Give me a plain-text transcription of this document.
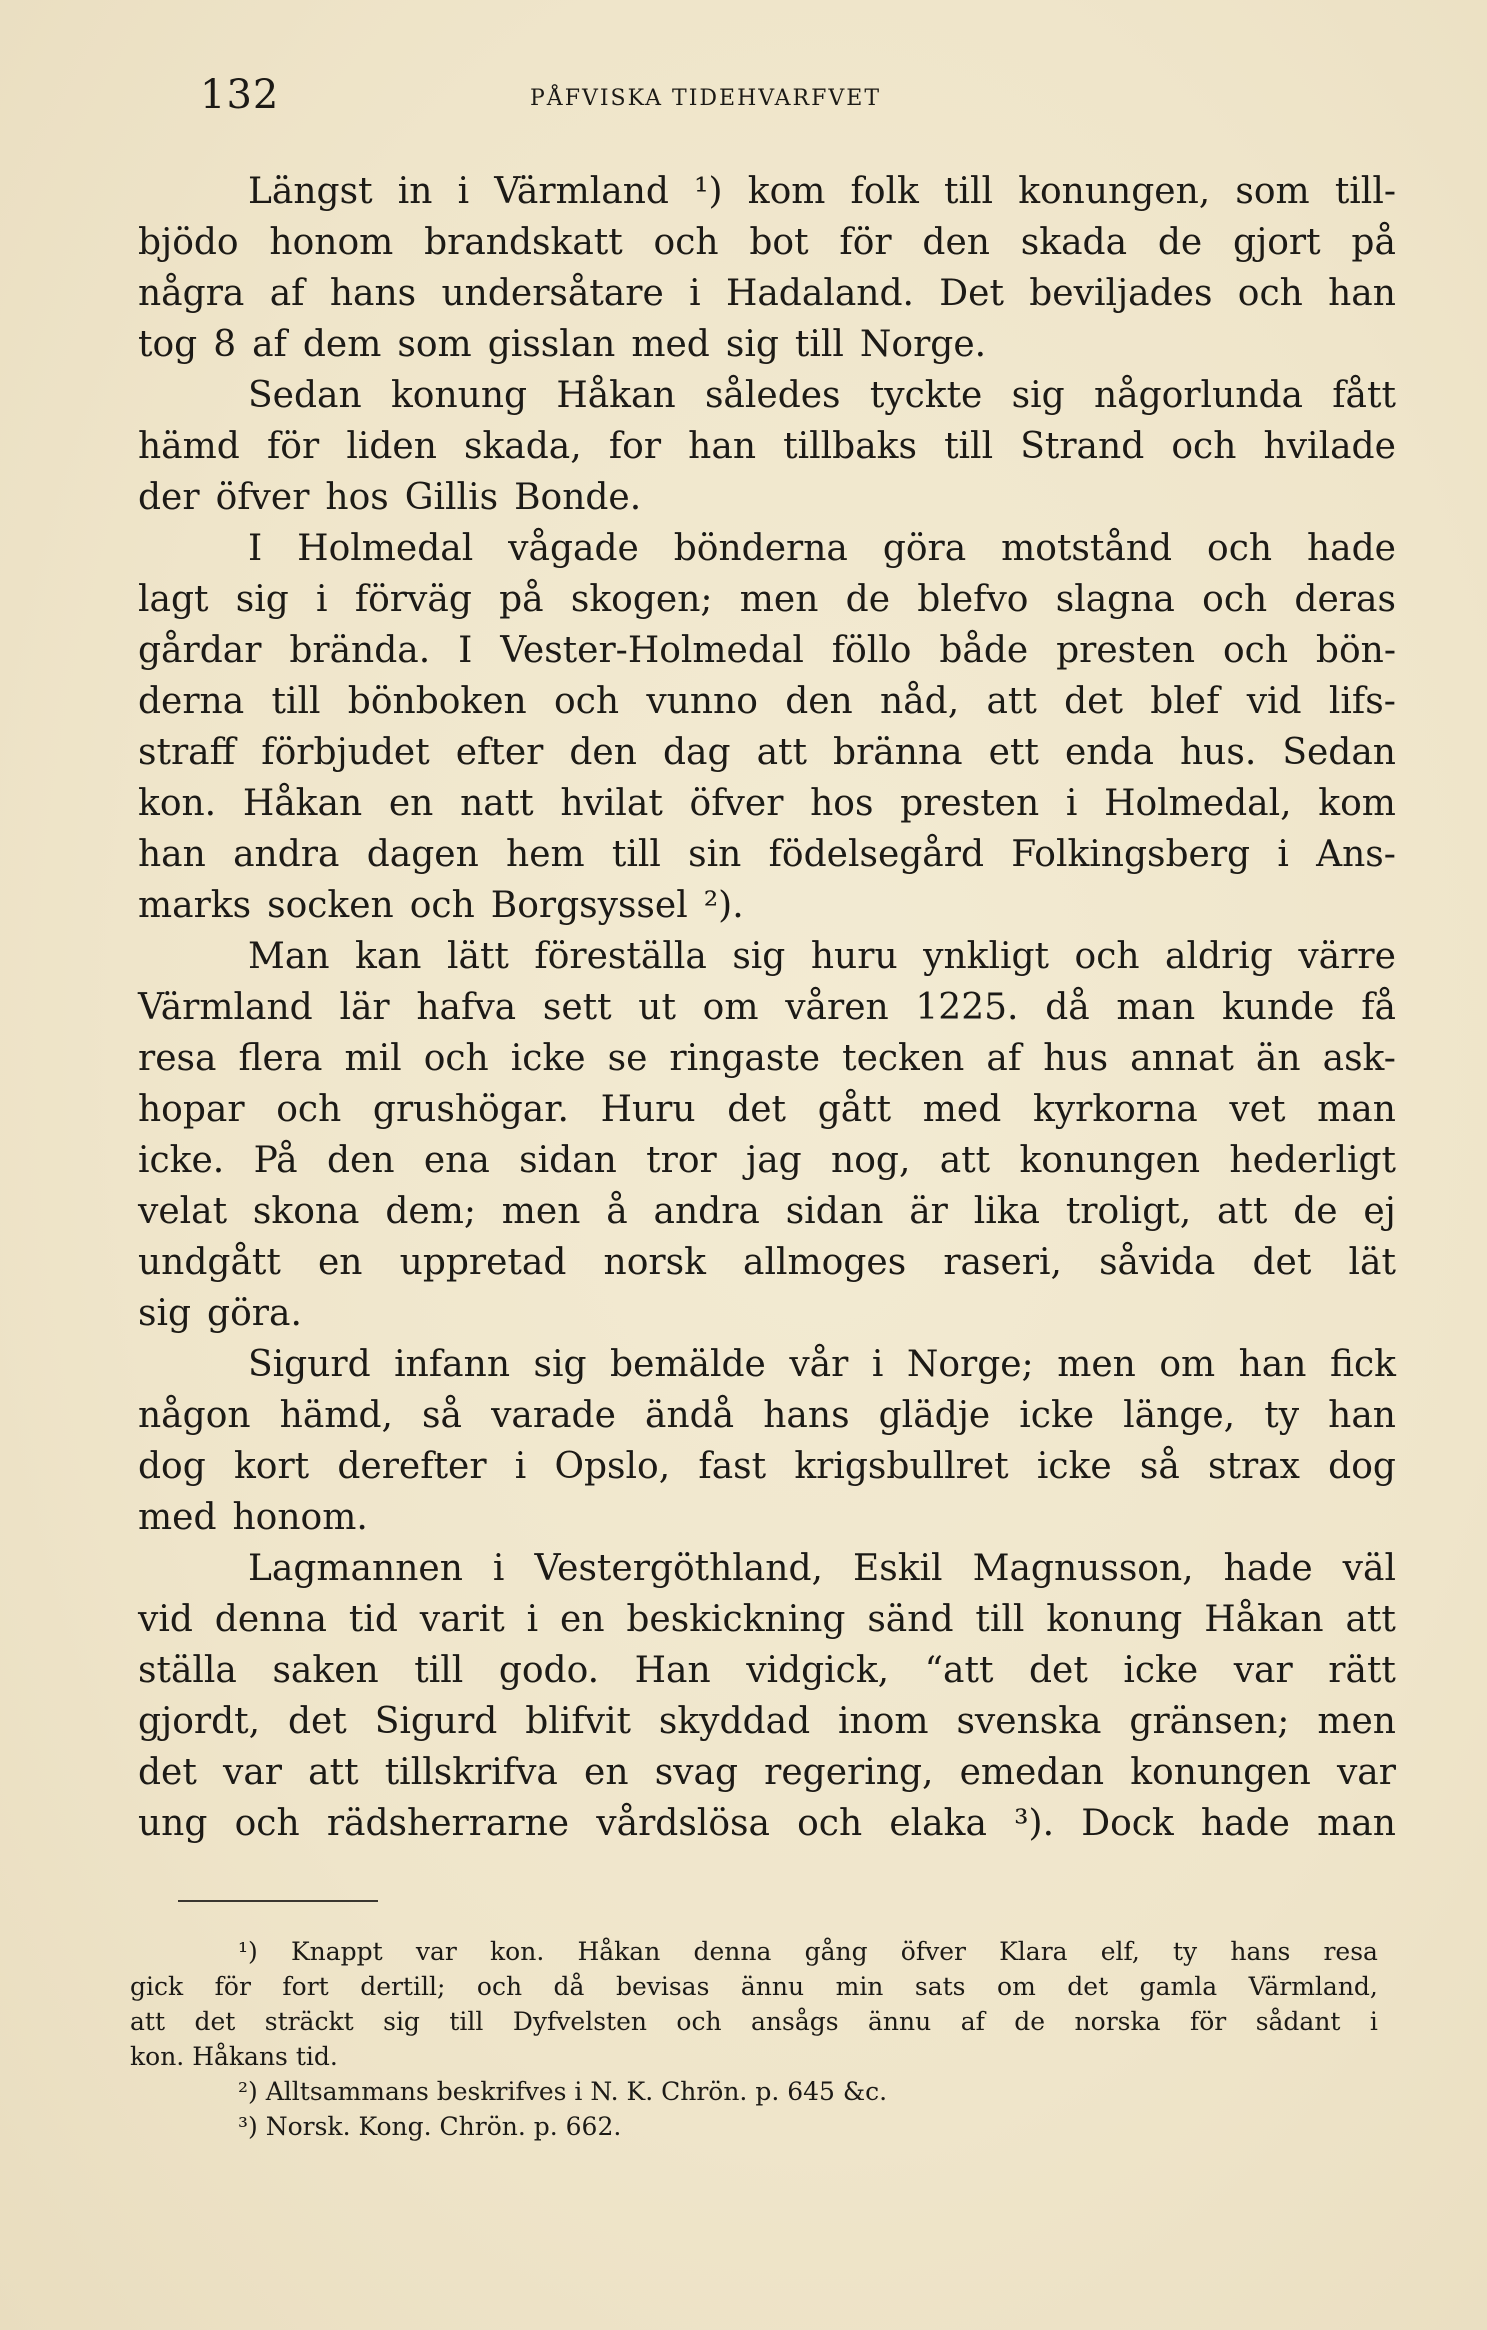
132	PÅFVISKA TIDEHVARFVET
Längst in i Värmland ¹) kom folk till konungen, som till-
bjödo honom brandskatt och bot för den skada de gjort på
några af hans undersåtare i Hadaland. Det beviljades och han
tog 8 af dem som gisslan med sig till Norge.
Sedan konung Håkan således tyckte sig någorlunda fått
hämd för liden skada, for han tillbaks till Strand och hvilade
der öfver hos Gillis Bonde.
I Holmedal vågade bönderna göra motstånd och hade
lagt sig i förväg på skogen; men de blefvo slagna och deras
gårdar brända. I Vester-Holmedal föllo både presten och bön-
derna till bönboken och vunno den nåd, att det blef vid lifs-
straff förbjudet efter den dag att bränna ett enda hus. Sedan
kon. Håkan en natt hvilat öfver hos presten i Holmedal, kom
han andra dagen hem till sin födelsegård Folkingsberg i Ans-
marks socken och Borgsyssel ²).
Man kan lätt föreställa sig huru ynkligt och aldrig värre
Värmland lär hafva sett ut om våren 1225. då man kunde få
resa flera mil och icke se ringaste tecken af hus annat än ask-
hopar och grushögar. Huru det gått med kyrkorna vet man
icke. På den ena sidan tror jag nog, att konungen hederligt
velat skona dem; men å andra sidan är lika troligt, att de ej
undgått en uppretad norsk allmoges raseri, såvida det lät
sig göra.
Sigurd infann sig bemälde vår i Norge; men om han fick
någon hämd, så varade ändå hans glädje icke länge, ty han
dog kort derefter i Opslo, fast krigsbullret icke så strax dog
med honom.
Lagmannen i Vestergöthland, Eskil Magnusson, hade väl
vid denna tid varit i en beskickning sänd till konung Håkan att
ställa saken till godo. Han vidgick, “att det icke var rätt
gjordt, det Sigurd blifvit skyddad inom svenska gränsen; men
det var att tillskrifva en svag regering, emedan konungen var
ung och rädsherrarne vårdslösa och elaka ³). Dock hade man
¹) Knappt var kon. Håkan denna gång öfver Klara elf, ty hans resa
gick för fort dertill; och då bevisas ännu min sats om det gamla Värmland,
att det sträckt sig till Dyfvelsten och ansågs ännu af de norska för sådant i
kon. Håkans tid.
²) Alltsammans beskrifves i N. K. Chrön. p. 645 &c.
³) Norsk. Kong. Chrön. p. 662.
